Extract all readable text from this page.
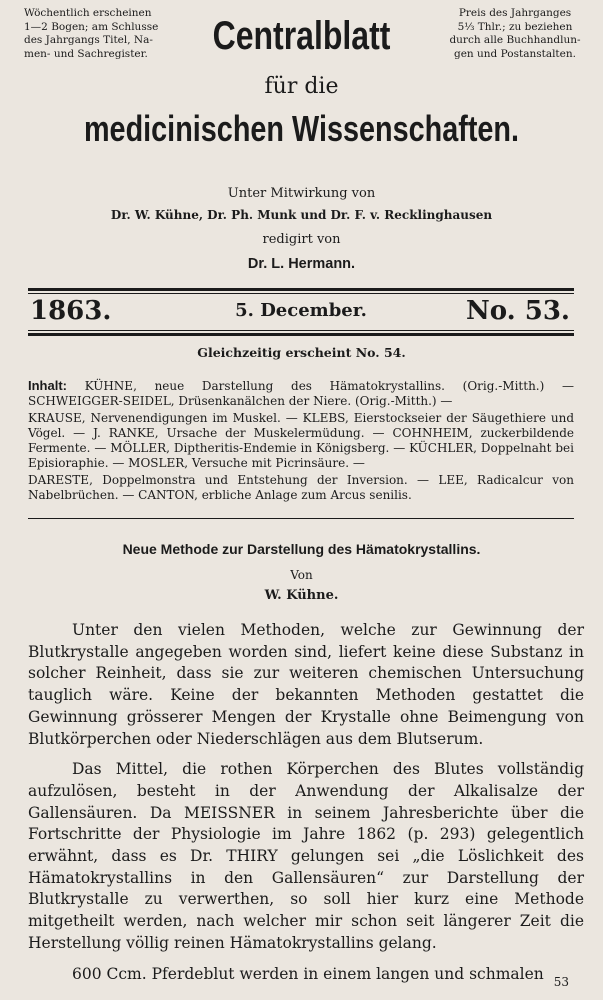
Wöchentlich erscheinen
1—2 Bogen; am Schlusse
des Jahrgangs Titel, Na-
men- und Sachregister.
Preis des Jahrganges
5⅓ Thlr.; zu beziehen
durch alle Buchhandlun-
gen und Postanstalten.
Centralblatt
für die
medicinischen Wissenschaften.
Unter Mitwirkung von
Dr. W. Kühne, Dr. Ph. Munk und Dr. F. v. Recklinghausen
redigirt von
Dr. L. Hermann.
1863.	5. December.	No. 53.
Gleichzeitig erscheint No. 54.

Inhalt: KÜHNE, neue Darstellung des Hämatokrystallins. (Orig.-Mitth.) — SCHWEIGGER-SEIDEL, Drüsenkanälchen der Niere. (Orig.-Mitth.) —

KRAUSE, Nervenendigungen im Muskel. — KLEBS, Eierstockseier der Säugethiere und Vögel. — J. RANKE, Ursache der Muskelermüdung. — COHNHEIM, zuckerbildende Fermente. — MÖLLER, Diptheritis-Endemie in Königsberg. — KÜCHLER, Doppelnaht bei Episioraphie. — MOSLER, Versuche mit Picrinsäure. —

DARESTE, Doppelmonstra und Entstehung der Inversion. — LEE, Radicalcur von Nabelbrüchen. — CANTON, erbliche Anlage zum Arcus senilis.

Neue Methode zur Darstellung des Hämatokrystallins.
Von
W. Kühne.

Unter den vielen Methoden, welche zur Gewinnung der Blutkrystalle angegeben worden sind, liefert keine diese Substanz in solcher Reinheit, dass sie zur weiteren chemischen Untersuchung tauglich wäre. Keine der bekannten Methoden gestattet die Gewinnung grösserer Mengen der Krystalle ohne Beimengung von Blutkörperchen oder Niederschlägen aus dem Blutserum.

Das Mittel, die rothen Körperchen des Blutes vollständig aufzulösen, besteht in der Anwendung der Alkalisalze der Gallensäuren. Da MEISSNER in seinem Jahresberichte über die Fortschritte der Physiologie im Jahre 1862 (p. 293) gelegentlich erwähnt, dass es Dr. THIRY gelungen sei „die Löslichkeit des Hämatokrystallins in den Gallensäuren“ zur Darstellung der Blutkrystalle zu verwerthen, so soll hier kurz eine Methode mitgetheilt werden, nach welcher mir schon seit längerer Zeit die Herstellung völlig reinen Hämatokrystallins gelang.

600 Ccm. Pferdeblut werden in einem langen und schmalen 53
